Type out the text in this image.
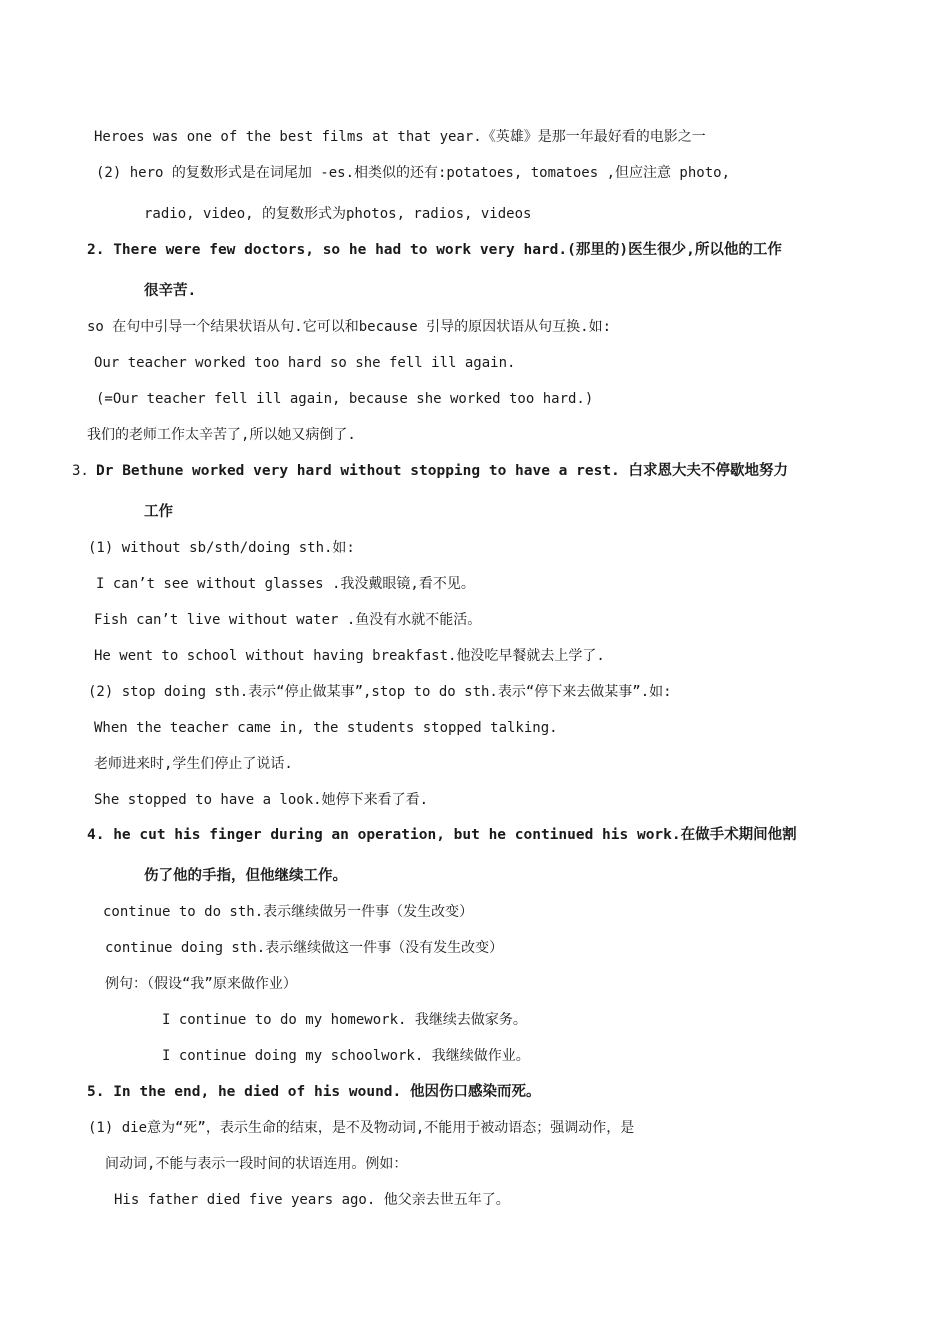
Heroes was one of the best films at that year.《英雄》是那一年最好看的电影之一
(2) hero 的复数形式是在词尾加 -es.相类似的还有:potatoes, tomatoes ,但应注意 photo,
radio, video, 的复数形式为photos, radios, videos
2. There were few doctors, so he had to work very hard.(那里的)医生很少,所以他的工作
很辛苦.
so 在句中引导一个结果状语从句.它可以和because 引导的原因状语从句互换.如:
Our teacher worked too hard so she fell ill again.
(=Our teacher fell ill again, because she worked too hard.)
我们的老师工作太辛苦了,所以她又病倒了.
3. Dr Bethune worked very hard without stopping to have a rest. 白求恩大夫不停歇地努力
工作
(1) without sb/sth/doing sth.如:
I can’t see without glasses .我没戴眼镜,看不见。
Fish can’t live without water .鱼没有水就不能活。
He went to school without having breakfast.他没吃早餐就去上学了.
(2) stop doing sth.表示“停止做某事”,stop to do sth.表示“停下来去做某事”.如:
When the teacher came in, the students stopped talking.
老师进来时,学生们停止了说话.
She stopped to have a look.她停下来看了看.
4. he cut his finger during an operation, but he continued his work.在做手术期间他割
伤了他的手指，但他继续工作。
continue to do sth.表示继续做另一件事（发生改变）
continue doing sth.表示继续做这一件事（没有发生改变）
例句：（假设“我”原来做作业）
I continue to do my homework. 我继续去做家务。
I continue doing my schoolwork. 我继续做作业。
5. In the end, he died of his wound. 他因伤口感染而死。
(1) die意为“死”，表示生命的结束，是不及物动词,不能用于被动语态；强调动作，是
间动词,不能与表示一段时间的状语连用。例如：
His father died five years ago. 他父亲去世五年了。
